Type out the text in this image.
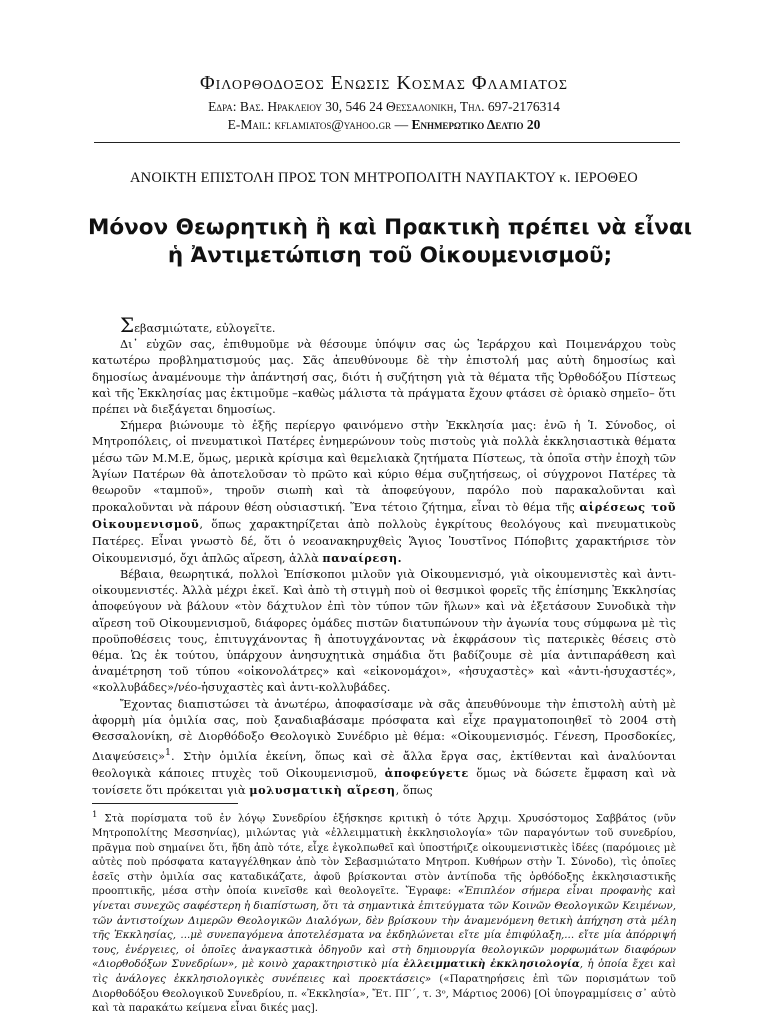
Φιλορθοδοξος Ενωσις Κοσμας Φλαμιατος
Εδρα: Βασ. Ηρακλειου 30, 546 24 Θεσσαλονικη, Τηλ. 697-2176314
E-Mail: kflamiatos@yahoo.gr — Ενημερωτικο Δελτιο 20
ΑΝΟΙΚΤΗ ΕΠΙΣΤΟΛΗ ΠΡΟΣ ΤΟΝ ΜΗΤΡΟΠΟΛΙΤΗ ΝΑΥΠΑΚΤΟΥ κ. ΙΕΡΟΘΕΟ
Μόνον Θεωρητικὴ ἢ καὶ Πρακτικὴ πρέπει νὰ εἶναι
ἡ Ἀντιμετώπιση τοῦ Οἰκουμενισμοῦ;

Σεβασμιώτατε, εὐλογεῖτε.

Δι᾽ εὐχῶν σας, ἐπιθυμοῦμε νὰ θέσουμε ὑπόψιν σας ὡς Ἱεράρχου καὶ Ποιμενάρχου τοὺς κατωτέρω προβληματισμούς μας. Σᾶς ἀπευθύνουμε δὲ τὴν ἐπιστολή μας αὐτὴ δημοσίως καὶ δημοσίως ἀναμένουμε τὴν ἀπάντησή σας, διότι ἡ συζήτηση γιὰ τὰ θέματα τῆς Ὀρθοδόξου Πίστεως καὶ τῆς Ἐκκλησίας μας ἐκτιμοῦμε –καθὼς μάλιστα τὰ πράγματα ἔχουν φτάσει σὲ ὁριακὸ σημεῖο– ὅτι πρέπει νὰ διεξάγεται δημοσίως.

Σήμερα βιώνουμε τὸ ἑξῆς περίεργο φαινόμενο στὴν Ἐκκλησία μας: ἐνῶ ἡ Ἱ. Σύνοδος, οἱ Μητροπόλεις, οἱ πνευματικοὶ Πατέρες ἐνημερώνουν τοὺς πιστοὺς γιὰ πολλὰ ἐκκλησιαστικὰ θέματα μέσω τῶν Μ.Μ.Ε, ὅμως, μερικὰ κρίσιμα καὶ θεμελιακὰ ζητήματα Πίστεως, τὰ ὁποῖα στὴν ἐποχὴ τῶν Ἁγίων Πατέρων θὰ ἀποτελοῦσαν τὸ πρῶτο καὶ κύριο θέμα συζητήσεως, οἱ σύγχρονοι Πατέρες τὰ θεωροῦν «ταμποῦ», τηροῦν σιωπὴ καὶ τὰ ἀποφεύγουν, παρόλο ποὺ παρακαλοῦνται καὶ προκαλοῦνται νὰ πάρουν θέση οὐσιαστική. Ἕνα τέτοιο ζήτημα, εἶναι τὸ θέμα τῆς αἱρέσεως τοῦ Οἰκουμενισμοῦ, ὅπως χαρακτηρίζεται ἀπὸ πολλοὺς ἐγκρίτους θεολόγους καὶ πνευματικοὺς Πατέρες. Εἶναι γνωστὸ δέ, ὅτι ὁ νεοανακηρυχθεὶς Ἅγιος Ἰουστῖνος Πόποβιτς χαρακτήρισε τὸν Οἰκουμενισμό, ὄχι ἁπλῶς αἵρεση, ἀλλὰ παναίρεση.

Βέβαια, θεωρητικά, πολλοὶ Ἐπίσκοποι μιλοῦν γιὰ Οἰκουμενισμό, γιὰ οἰκουμενιστὲς καὶ ἀντι-οἰκουμενιστές. Ἀλλὰ μέχρι ἐκεῖ. Καὶ ἀπὸ τὴ στιγμὴ ποὺ οἱ θεσμικοὶ φορεῖς τῆς ἐπίσημης Ἐκκλησίας ἀποφεύγουν νὰ βάλουν «τὸν δάχτυλον ἐπὶ τὸν τύπον τῶν ἥλων» καὶ νὰ ἐξετάσουν Συνοδικὰ τὴν αἵρεση τοῦ Οἰκουμενισμοῦ, διάφορες ὁμάδες πιστῶν διατυπώνουν τὴν ἀγωνία τους σύμφωνα μὲ τὶς προϋποθέσεις τους, ἐπιτυγχάνοντας ἢ ἀποτυγχάνοντας νὰ ἐκφράσουν τὶς πατερικὲς θέσεις στὸ θέμα. Ὡς ἐκ τούτου, ὑπάρχουν ἀνησυχητικὰ σημάδια ὅτι βαδίζουμε σὲ μία ἀντιπαράθεση καὶ ἀναμέτρηση τοῦ τύπου «οἰκονολάτρες» καὶ «εἰκονομάχοι», «ἡσυχαστὲς» καὶ «ἀντι-ἡσυχαστές», «κολλυβάδες»/νέο-ἡσυχαστὲς καὶ ἀντι-κολλυβάδες.

Ἔχοντας διαπιστώσει τὰ ἀνωτέρω, ἀποφασίσαμε νὰ σᾶς ἀπευθύνουμε τὴν ἐπιστολὴ αὐτὴ μὲ ἀφορμὴ μία ὁμιλία σας, ποὺ ξαναδιαβάσαμε πρόσφατα καὶ εἶχε πραγματοποιηθεῖ τὸ 2004 στὴ Θεσσαλονίκη, σὲ Διορθόδοξο Θεολογικὸ Συνέδριο μὲ θέμα: «Οἰκουμενισμός. Γένεση, Προσδοκίες, Διαψεύσεις»$^1$. Στὴν ὁμιλία ἐκείνη, ὅπως καὶ σὲ ἄλλα ἔργα σας, ἐκτίθενται καὶ ἀναλύονται θεολογικὰ κάποιες πτυχὲς τοῦ Οἰκουμενισμοῦ, ἀποφεύγετε ὅμως νὰ δώσετε ἔμφαση καὶ νὰ τονίσετε ὅτι πρόκειται γιὰ μολυσματικὴ αἵρεση, ὅπως

$^1$ Στὰ πορίσματα τοῦ ἐν λόγῳ Συνεδρίου ἐξήσκησε κριτικὴ ὁ τότε Ἀρχιμ. Χρυσόστομος Σαββάτος (νῦν Μητροπολίτης Μεσσηνίας), μιλώντας γιὰ «ἐλλειμματικὴ ἐκκλησιολογία» τῶν παραγόντων τοῦ συνεδρίου, πρᾶγμα ποὺ σημαίνει ὅτι, ἤδη ἀπὸ τότε, εἶχε ἐγκολπωθεῖ καὶ ὑποστήριζε οἰκουμενιστικὲς ἰδέες (παρόμοιες μὲ αὐτὲς ποὺ πρόσφατα καταγγέλθηκαν ἀπὸ τὸν Σεβασμιώτατο Μητροπ. Κυθήρων στὴν Ἱ. Σύνοδο), τὶς ὁποῖες ἐσεῖς στὴν ὁμιλία σας καταδικάζατε, ἀφοῦ βρίσκονται στὸν ἀντίποδα τῆς ὀρθόδοξης ἐκκλησιαστικῆς προοπτικῆς, μέσα στὴν ὁποία κινεῖσθε καὶ θεολογεῖτε. Ἔγραφε: «Ἐπιπλέον σήμερα εἶναι προφανὴς καὶ γίνεται συνεχῶς σαφέστερη ἡ διαπίστωση, ὅτι τὰ σημαντικὰ ἐπιτεύγματα τῶν Κοινῶν Θεολογικῶν Κειμένων, τῶν ἀντιστοίχων Διμερῶν Θεολογικῶν Διαλόγων, δὲν βρίσκουν τὴν ἀναμενόμενη θετικὴ ἀπήχηση στὰ μέλη τῆς Ἐκκλησίας, ...μὲ συνεπαγόμενα ἀποτελέσματα να ἐκδηλώνεται εἴτε μία ἐπιφύλαξη,... εἴτε μία ἀπόρριψή τους, ἐνέργειες, οἱ ὁποῖες ἀναγκαστικὰ ὁδηγοῦν καὶ στὴ δημιουργία θεολογικῶν μορφωμάτων διαφόρων «Διορθοδόξων Συνεδρίων», μὲ κοινὸ χαρακτηριστικὸ μία ἐλλειμματικὴ ἐκκλησιολογία, ἡ ὁποία ἔχει καὶ τὶς ἀνάλογες ἐκκλησιολογικὲς συνέπειες καὶ προεκτάσεις» («Παρατηρήσεις ἐπὶ τῶν πορισμάτων τοῦ Διορθοδόξου Θεολογικοῦ Συνεδρίου, π. «Ἐκκλησία», Ἔτ. ΠΓ΄, τ. 3ᵒ, Μάρτιος 2006) [Οἱ ὑπογραμμίσεις σ᾽ αὐτὸ καὶ τὰ παρακάτω κείμενα εἶναι δικές μας].
